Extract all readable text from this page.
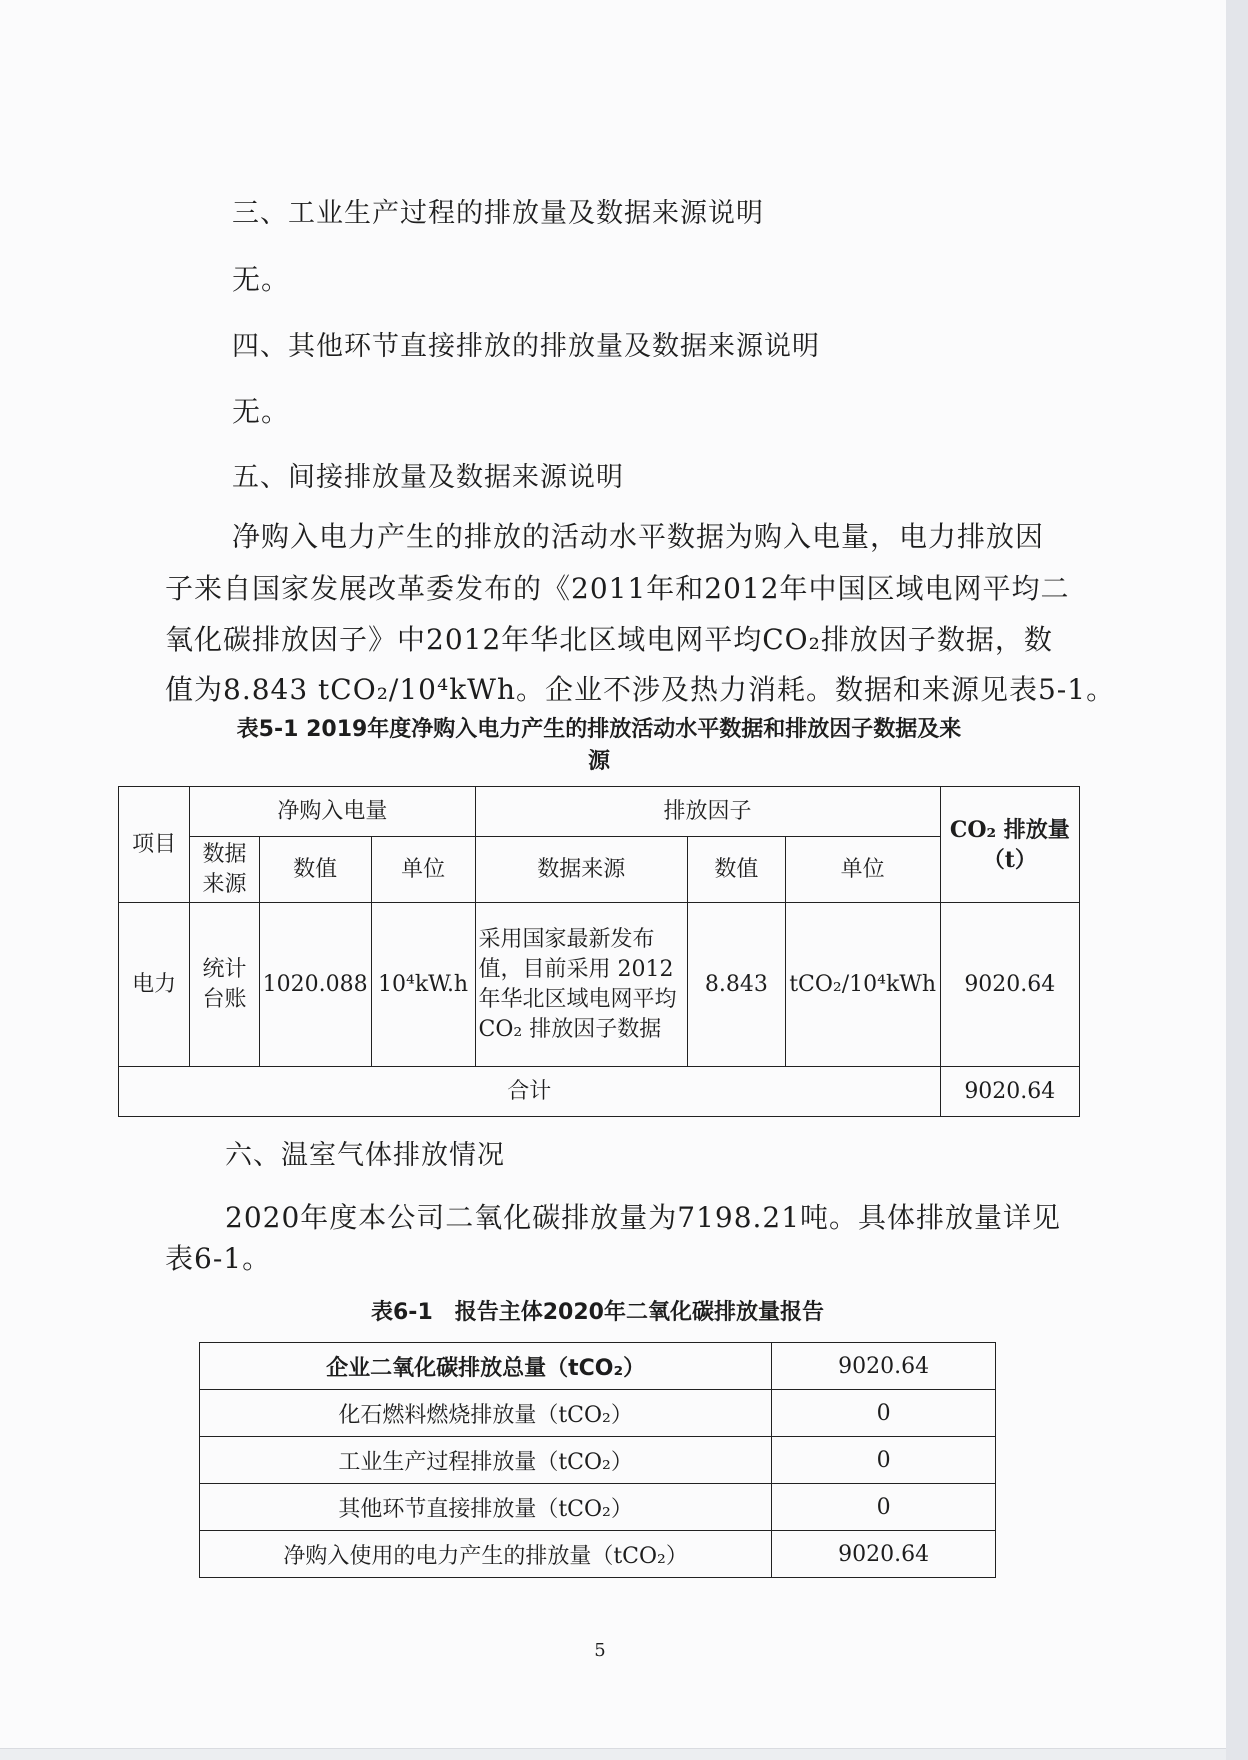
三、工业生产过程的排放量及数据来源说明
无。
四、其他环节直接排放的排放量及数据来源说明
无。
五、间接排放量及数据来源说明
净购入电力产生的排放的活动水平数据为购入电量，电力排放因
子来自国家发展改革委发布的《2011年和2012年中国区域电网平均二
氧化碳排放因子》中2012年华北区域电网平均CO₂排放因子数据，数
值为8.843 tCO₂/10⁴kWh。企业不涉及热力消耗。数据和来源见表5-1。
表5-1 2019年度净购入电力产生的排放活动水平数据和排放因子数据及来
源
项目	净购入电量			排放因子			CO₂ 排放量（t）
	数据来源	数值	单位	数据来源	数值	单位	
电力	统计台账	1020.088	10⁴kW.h	采用国家最新发布值，目前采用 2012 年华北区域电网平均 CO₂ 排放因子数据	8.843	tCO₂/10⁴kWh	9020.64
合计							9020.64
六、温室气体排放情况
2020年度本公司二氧化碳排放量为7198.21吨。具体排放量详见
表6-1。
表6-1　报告主体2020年二氧化碳排放量报告
企业二氧化碳排放总量（tCO₂）	9020.64
化石燃料燃烧排放量（tCO₂）	0
工业生产过程排放量（tCO₂）	0
其他环节直接排放量（tCO₂）	0
净购入使用的电力产生的排放量（tCO₂）	9020.64
5
